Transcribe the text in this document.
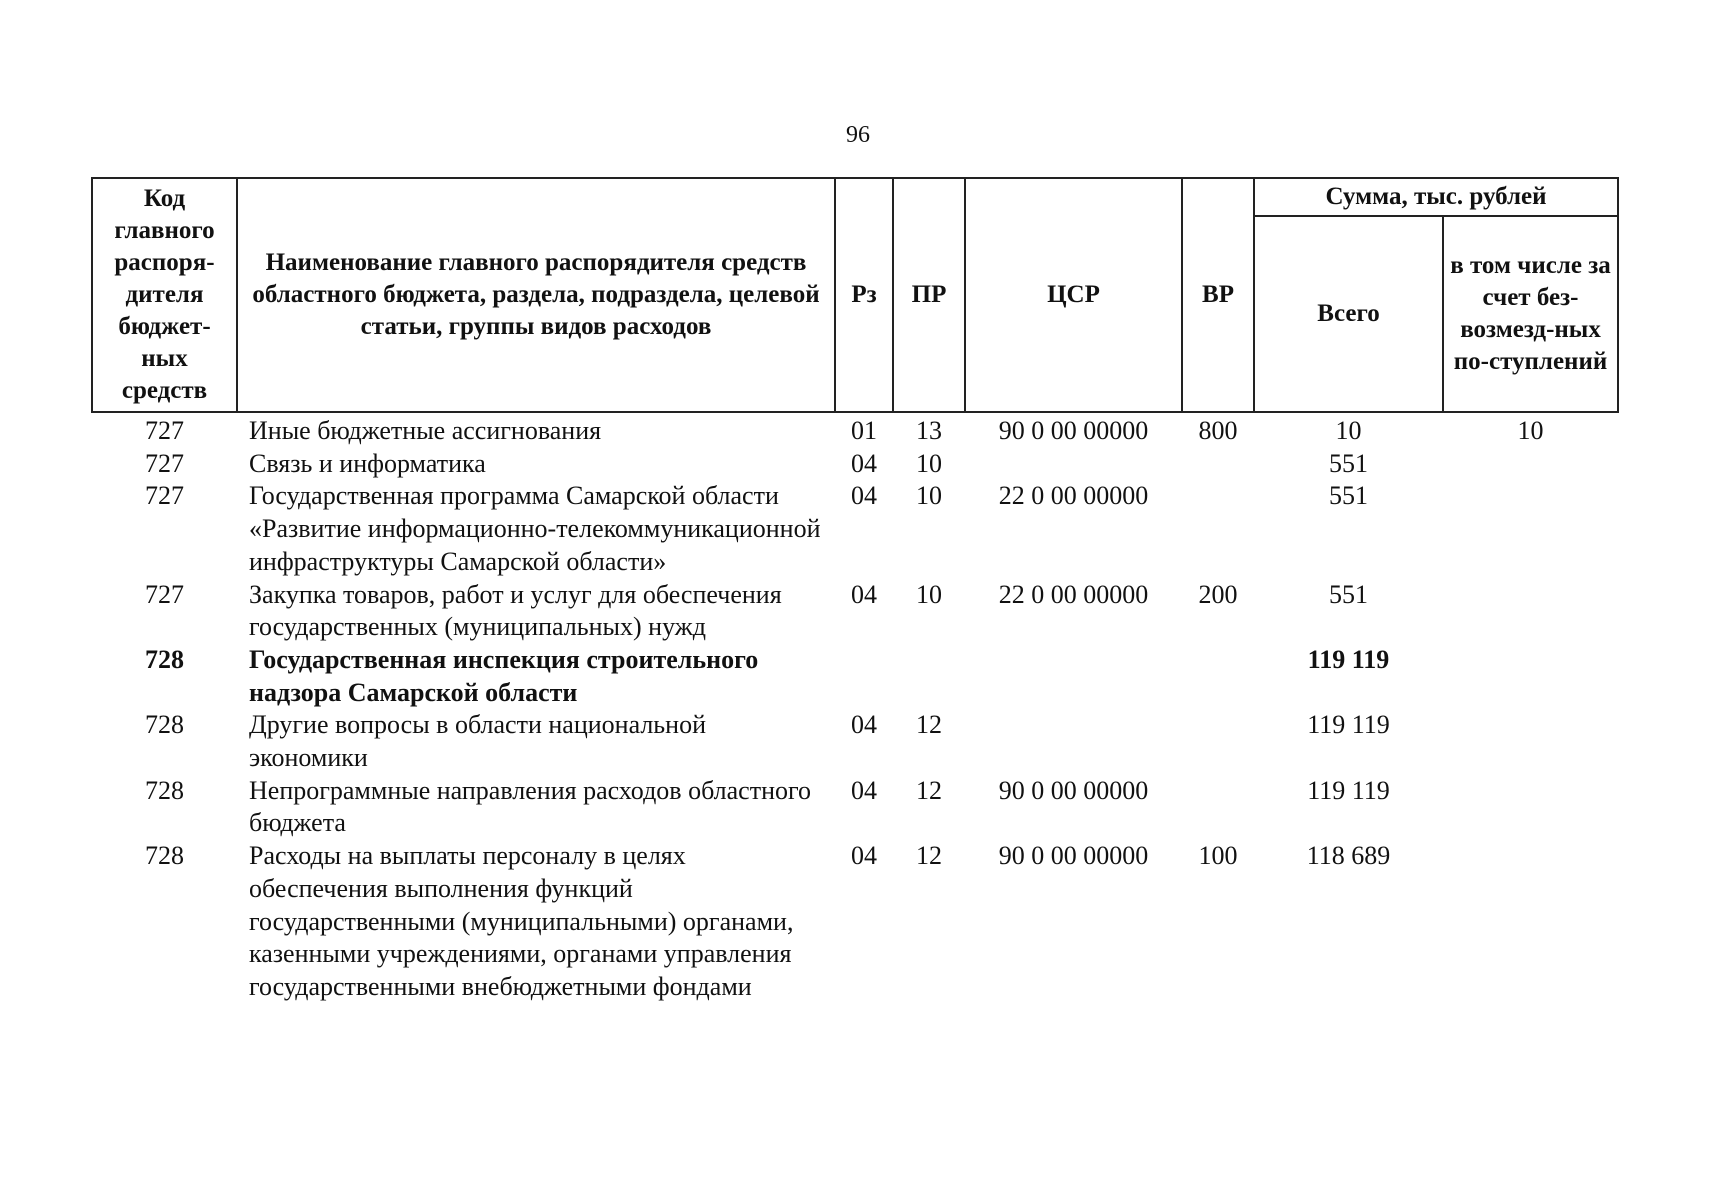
96
Код главного распоря-дителя бюджет-ных средств	Наименование главного распорядителя средств областного бюджета, раздела, подраздела, целевой статьи, группы видов расходов	Рз	ПР	ЦСР	ВР	Сумма, тыс. рублей	
						Всего	в том числе за счет без-возмезд-ных по-ступлений
727	Иные бюджетные ассигнования	01	13	90 0 00 00000	800	10	10
727	Связь и информатика	04	10			551	
727	Государственная программа Самарской области «Развитие информационно-телекоммуникационной инфраструктуры Самарской области»	04	10	22 0 00 00000		551	
727	Закупка товаров, работ и услуг для обеспечения государственных (муниципальных) нужд	04	10	22 0 00 00000	200	551	
728	Государственная инспекция строительного надзора Самарской области					119 119	
728	Другие вопросы в области национальной экономики	04	12			119 119	
728	Непрограммные направления расходов областного бюджета	04	12	90 0 00 00000		119 119	
728	Расходы на выплаты персоналу в целях обеспечения выполнения функций государственными (муниципальными) органами, казенными учреждениями, органами управления государственными внебюджетными фондами	04	12	90 0 00 00000	100	118 689	
